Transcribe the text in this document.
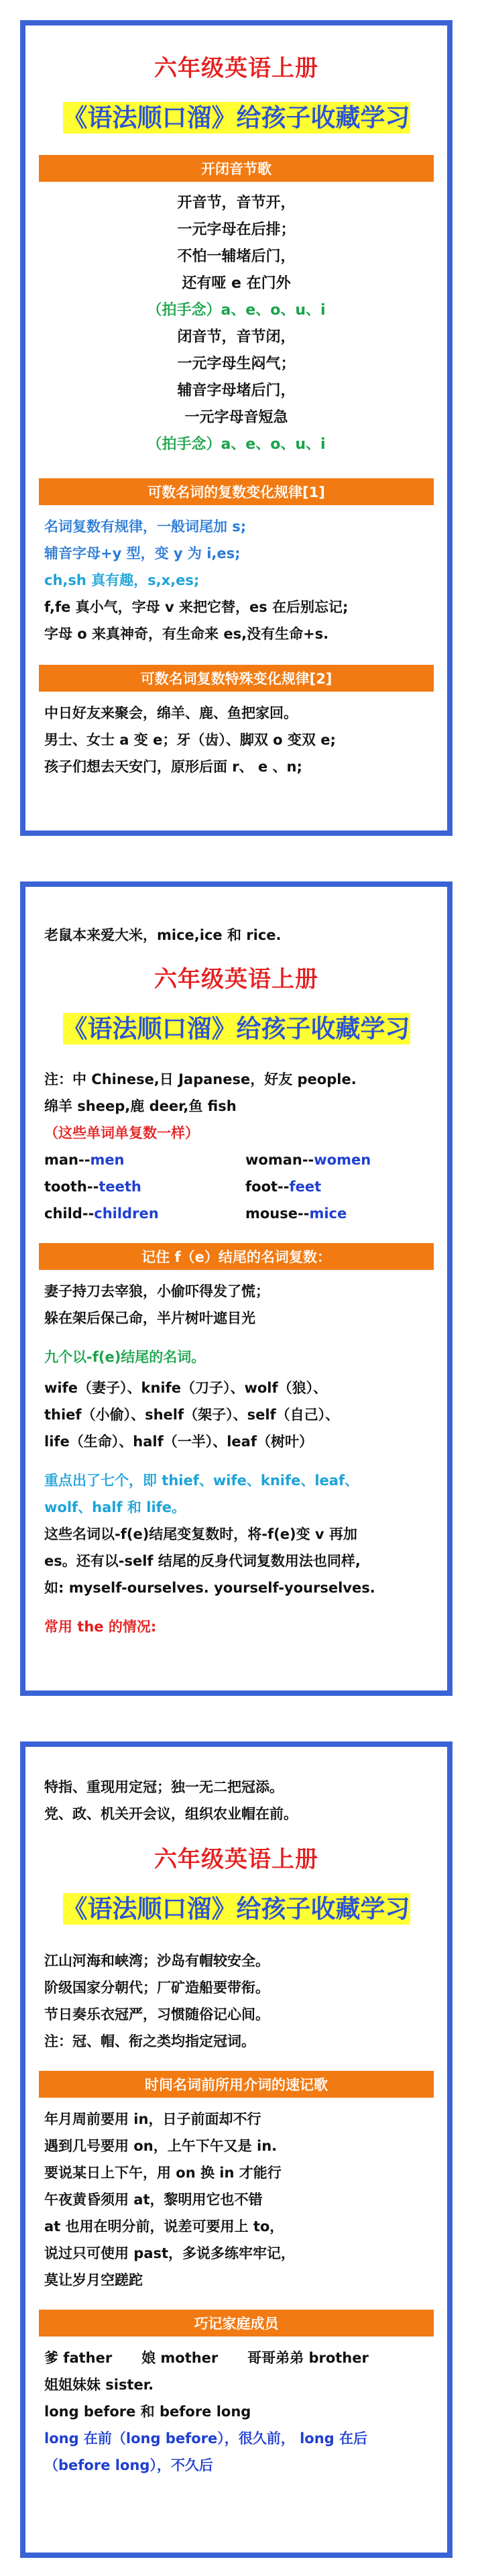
六年级英语上册
《语法顺口溜》给孩子收藏学习
开闭音节歌
开音节，音节开，
一元字母在后排；
不怕一辅堵后门，
还有哑 e 在门外
（拍手念）a、e、o、u、i
闭音节，音节闭，
一元字母生闷气；
辅音字母堵后门，
一元字母音短急
（拍手念）a、e、o、u、i
可数名词的复数变化规律[1]
名词复数有规律，一般词尾加 s;
辅音字母+y 型，变 y 为 i,es;
ch,sh 真有趣，s,x,es;
f,fe 真小气，字母 v 来把它替，es 在后别忘记;
字母 o 来真神奇，有生命来 es,没有生命+s.
可数名词复数特殊变化规律[2]
中日好友来聚会，绵羊、鹿、鱼把家回。
男士、女士 a 变 e；牙（齿）、脚双 o 变双 e;
孩子们想去天安门，原形后面 r、 e 、n;
老鼠本来爱大米，mice,ice 和 rice.
六年级英语上册
《语法顺口溜》给孩子收藏学习
注：中 Chinese,日 Japanese，好友 people.
绵羊 sheep,鹿 deer,鱼 fish
（这些单词单复数一样）
man--men	woman--women
tooth--teeth	foot--feet
child--children	mouse--mice
记住 f（e）结尾的名词复数：
妻子持刀去宰狼，小偷吓得发了慌；
躲在架后保己命，半片树叶遮目光
九个以-f(e)结尾的名词。
wife（妻子）、knife（刀子）、wolf（狼）、
thief（小偷）、shelf（架子）、self（自己）、
life（生命）、half（一半）、leaf（树叶）
重点出了七个，即 thief、wife、knife、leaf、
wolf、half 和 life。
这些名词以-f(e)结尾变复数时，将-f(e)变 v 再加
es。还有以-self 结尾的反身代词复数用法也同样,
如: myself-ourselves. yourself-yourselves.
常用 the 的情况:
特指、重现用定冠；独一无二把冠添。
党、政、机关开会议，组织农业帽在前。
六年级英语上册
《语法顺口溜》给孩子收藏学习
江山河海和峡湾；沙岛有帽较安全。
阶级国家分朝代；厂矿造船要带衔。
节日奏乐衣冠严，习惯随俗记心间。
注：冠、帽、衔之类均指定冠词。
时间名词前所用介词的速记歌
年月周前要用 in，日子前面却不行
遇到几号要用 on，上午下午又是 in.
要说某日上下午，用 on 换 in 才能行
午夜黄昏须用 at，黎明用它也不错
at 也用在明分前，说差可要用上 to，
说过只可使用 past，多说多练牢牢记，
莫让岁月空蹉跎
巧记家庭成员
爹 father      娘 mother      哥哥弟弟 brother
姐姐妹妹 sister.
long before 和 before long
long 在前（long before），很久前， long 在后
（before long），不久后
